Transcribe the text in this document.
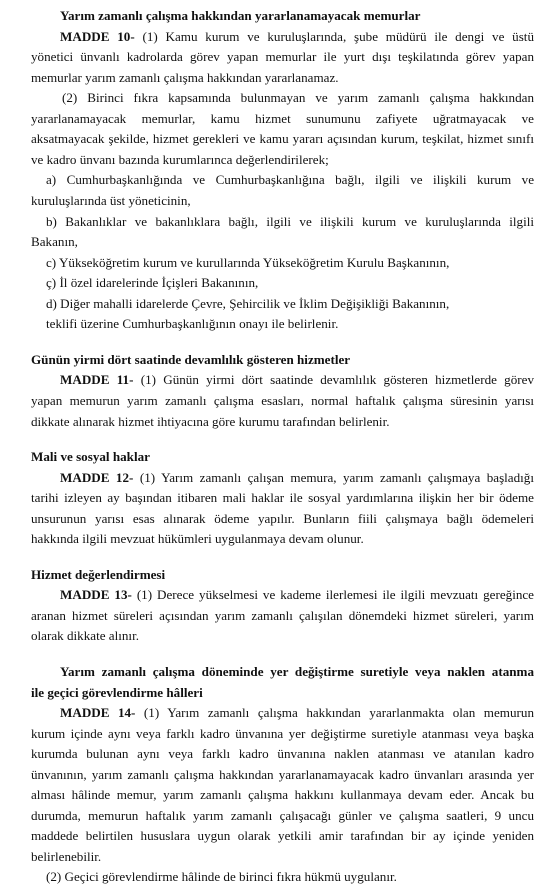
Yarım zamanlı çalışma hakkından yararlanamayacak memurlar
MADDE 10- (1) Kamu kurum ve kuruluşlarında, şube müdürü ile dengi ve üstü
yönetici ünvanlı kadrolarda görev yapan memurlar ile yurt dışı teşkilatında görev yapan
memurlar yarım zamanlı çalışma hakkından yararlanamaz.
(2) Birinci fıkra kapsamında bulunmayan ve yarım zamanlı çalışma hakkından
yararlanamayacak memurlar, kamu hizmet sunumunu zafiyete uğratmayacak ve
aksatmayacak şekilde, hizmet gerekleri ve kamu yararı açısından kurum, teşkilat, hizmet sınıfı
ve kadro ünvanı bazında kurumlarınca değerlendirilerek;
a) Cumhurbaşkanlığında ve Cumhurbaşkanlığına bağlı, ilgili ve ilişkili kurum ve
kuruluşlarında üst yöneticinin,
b) Bakanlıklar ve bakanlıklara bağlı, ilgili ve ilişkili kurum ve kuruluşlarında ilgili
Bakanın,
c) Yükseköğretim kurum ve kurullarında Yükseköğretim Kurulu Başkanının,
ç) İl özel idarelerinde İçişleri Bakanının,
d) Diğer mahalli idarelerde Çevre, Şehircilik ve İklim Değişikliği Bakanının,
teklifi üzerine Cumhurbaşkanlığının onayı ile belirlenir.
Günün yirmi dört saatinde devamlılık gösteren hizmetler
MADDE 11- (1) Günün yirmi dört saatinde devamlılık gösteren hizmetlerde görev
yapan memurun yarım zamanlı çalışma esasları, normal haftalık çalışma süresinin yarısı
dikkate alınarak hizmet ihtiyacına göre kurumu tarafından belirlenir.
Mali ve sosyal haklar
MADDE 12- (1) Yarım zamanlı çalışan memura, yarım zamanlı çalışmaya başladığı
tarihi izleyen ay başından itibaren mali haklar ile sosyal yardımlarına ilişkin her bir ödeme
unsurunun yarısı esas alınarak ödeme yapılır. Bunların fiili çalışmaya bağlı ödemeleri
hakkında ilgili mevzuat hükümleri uygulanmaya devam olunur.
Hizmet değerlendirmesi
MADDE 13- (1) Derece yükselmesi ve kademe ilerlemesi ile ilgili mevzuatı gereğince
aranan hizmet süreleri açısından yarım zamanlı çalışılan dönemdeki hizmet süreleri, yarım
olarak dikkate alınır.
Yarım zamanlı çalışma döneminde yer değiştirme suretiyle veya naklen atanma
ile geçici görevlendirme hâlleri
MADDE 14- (1) Yarım zamanlı çalışma hakkından yararlanmakta olan memurun
kurum içinde aynı veya farklı kadro ünvanına yer değiştirme suretiyle atanması veya başka
kurumda bulunan aynı veya farklı kadro ünvanına naklen atanması ve atanılan kadro
ünvanının, yarım zamanlı çalışma hakkından yararlanamayacak kadro ünvanları arasında yer
alması hâlinde memur, yarım zamanlı çalışma hakkını kullanmaya devam eder. Ancak bu
durumda, memurun haftalık yarım zamanlı çalışacağı günler ve çalışma saatleri, 9 uncu
maddede belirtilen hususlara uygun olarak yetkili amir tarafından bir ay içinde yeniden
belirlenebilir.
(2) Geçici görevlendirme hâlinde de birinci fıkra hükmü uygulanır.
